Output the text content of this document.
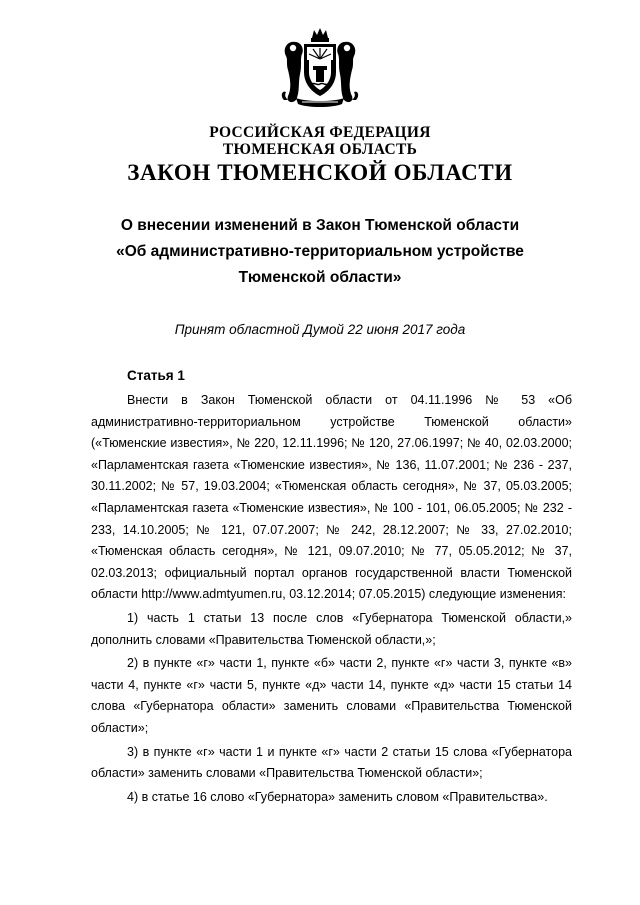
РОССИЙСКАЯ ФЕДЕРАЦИЯ
ТЮМЕНСКАЯ ОБЛАСТЬ
ЗАКОН ТЮМЕНСКОЙ ОБЛАСТИ
О внесении изменений в Закон Тюменской области
«Об административно-территориальном устройстве
Тюменской области»
Принят областной Думой 22 июня 2017 года
Статья 1

Внести в Закон Тюменской области от 04.11.1996 № 53 «Об административно-территориальном устройстве Тюменской области» («Тюменские известия», № 220, 12.11.1996; № 120, 27.06.1997; № 40, 02.03.2000; «Парламентская газета «Тюменские известия», № 136, 11.07.2001; № 236 - 237, 30.11.2002; № 57, 19.03.2004; «Тюменская область сегодня», № 37, 05.03.2005; «Парламентская газета «Тюменские известия», № 100 - 101, 06.05.2005; № 232 - 233, 14.10.2005; № 121, 07.07.2007; № 242, 28.12.2007; № 33, 27.02.2010; «Тюменская область сегодня», № 121, 09.07.2010; № 77, 05.05.2012; № 37, 02.03.2013; официальный портал органов государственной власти Тюменской области http://www.admtyumen.ru, 03.12.2014; 07.05.2015) следующие изменения:

1) часть 1 статьи 13 после слов «Губернатора Тюменской области,» дополнить словами «Правительства Тюменской области,»;

2) в пункте «г» части 1, пункте «б» части 2, пункте «г» части 3, пункте «в» части 4, пункте «г» части 5, пункте «д» части 14, пункте «д» части 15 статьи 14 слова «Губернатора области» заменить словами «Правительства Тюменской области»;

3) в пункте «г» части 1 и пункте «г» части 2 статьи 15 слова «Губернатора области» заменить словами «Правительства Тюменской области»;

4) в статье 16 слово «Губернатора» заменить словом «Правительства».
